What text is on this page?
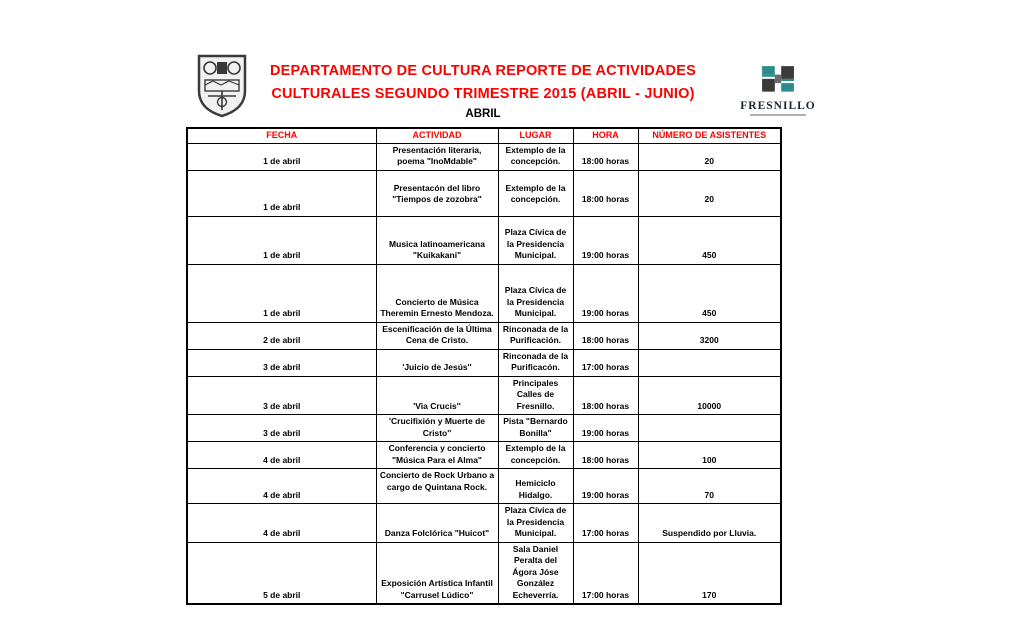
DEPARTAMENTO DE CULTURA REPORTE DE ACTIVIDADES
CULTURALES SEGUNDO TRIMESTRE 2015 (ABRIL - JUNIO)
FRESNILLO
ABRIL
FECHA	ACTIVIDAD	LUGAR	HORA	NÚMERO DE ASISTENTES
1 de abril	Presentación literaria, poema "InoMdable"	Extemplo de la concepción.	18:00 horas	20
1 de abril	Presentacón del libro "Tiempos de zozobra"	Extemplo de la concepción.	18:00 horas	20
1 de abril	Musica latinoamericana "Kuikakani"	Plaza Cívica de la Presidencia Municipal.	19:00 horas	450
1 de abril	Concierto de Música Theremin Ernesto Mendoza.	Plaza Cívica de la Presidencia Municipal.	19:00 horas	450
2 de abril	Escenificación de la Última Cena de Cristo.	Rinconada de la Purificación.	18:00 horas	3200
3 de abril	'Juicio de Jesús''	Rinconada de la Purificacón.	17:00 horas	
3 de abril	'Via Crucis''	Principales Calles de Fresnillo.	18:00 horas	10000
3 de abril	'Crucifixión y Muerte de Cristo''	Pista "Bernardo Bonilla"	19:00 horas	
4 de abril	Conferencia y concierto "Música Para el Alma"	Extemplo de la concepción.	18:00 horas	100
4 de abril	Concierto de Rock Urbano a cargo de Quintana Rock.	Hemiciclo Hidalgo.	19:00 horas	70
4 de abril	Danza Folclórica "Huicot"	Plaza Cívica de la Presidencia Municipal.	17:00 horas	Suspendido por Lluvia.
5 de abril	Exposición Artística Infantil "Carrusel Lúdico"	Sala Daniel Peralta del Ágora Jóse González Echeverría.	17:00 horas	170
